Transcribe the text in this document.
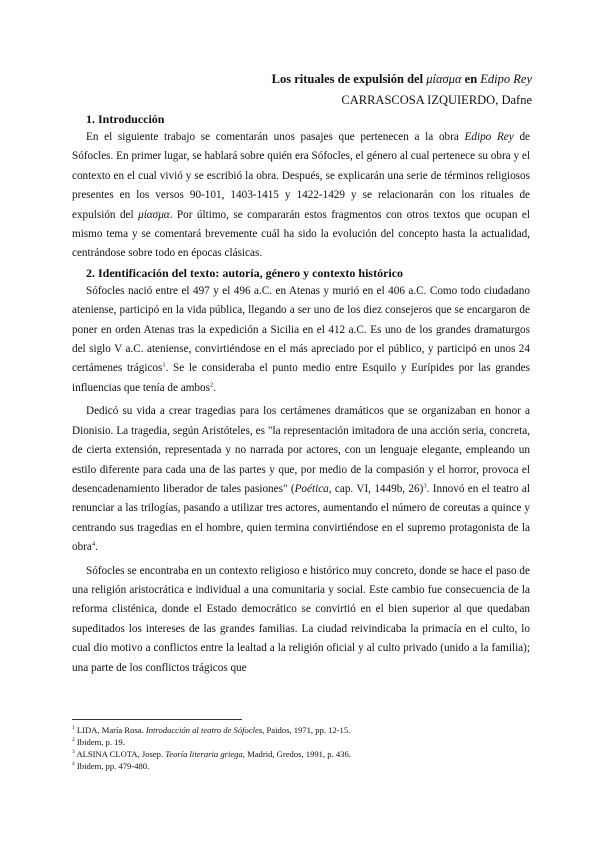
Los rituales de expulsión del μίασμα en Edipo Rey
CARRASCOSA IZQUIERDO, Dafne
1. Introducción

En el siguiente trabajo se comentarán unos pasajes que pertenecen a la obra Edipo Rey de Sófocles. En primer lugar, se hablará sobre quién era Sófocles, el género al cual pertenece su obra y el contexto en el cual vivió y se escribió la obra. Después, se explicarán una serie de términos religiosos presentes en los versos 90-101, 1403-1415 y 1422-1429 y se relacionarán con los rituales de expulsión del μίασμα. Por último, se compararán estos fragmentos con otros textos que ocupan el mismo tema y se comentará brevemente cuál ha sido la evolución del concepto hasta la actualidad, centrándose sobre todo en épocas clásicas.

2. Identificación del texto: autoría, género y contexto histórico

Sófocles nació entre el 497 y el 496 a.C. en Atenas y murió en el 406 a.C. Como todo ciudadano ateniense, participó en la vida pública, llegando a ser uno de los diez consejeros que se encargaron de poner en orden Atenas tras la expedición a Sicilia en el 412 a.C. Es uno de los grandes dramaturgos del siglo V a.C. ateniense, convirtiéndose en el más apreciado por el público, y participó en unos 24 certámenes trágicos$^1$. Se le consideraba el punto medio entre Esquilo y Eurípides por las grandes influencias que tenía de ambos$^2$.

Dedicó su vida a crear tragedias para los certámenes dramáticos que se organizaban en honor a Dionisio. La tragedia, según Aristóteles, es "la representación imitadora de una acción seria, concreta, de cierta extensión, representada y no narrada por actores, con un lenguaje elegante, empleando un estilo diferente para cada una de las partes y que, por medio de la compasión y el horror, provoca el desencadenamiento liberador de tales pasiones" (Poética, cap. VI, 1449b, 26)$^3$. Innovó en el teatro al renunciar a las trilogías, pasando a utilizar tres actores, aumentando el número de coreutas a quince y centrando sus tragedias en el hombre, quien termina convirtiéndose en el supremo protagonista de la obra$^4$.

Sófocles se encontraba en un contexto religioso e histórico muy concreto, donde se hace el paso de una religión aristocrática e individual a una comunitaria y social. Este cambio fue consecuencia de la reforma clisténica, donde el Estado democrático se convirtió en el bien superior al que quedaban supeditados los intereses de las grandes familias. La ciudad reivindicaba la primacía en el culto, lo cual dio motivo a conflictos entre la lealtad a la religión oficial y al culto privado (unido a la familia); una parte de los conflictos trágicos que

$^1$ LIDA, María Rosa. Introducción al teatro de Sófocles, Paidos, 1971, pp. 12-15.
$^2$ Ibidem, p. 19.
$^3$ ALSINA CLOTA, Josep. Teoría literaria griega, Madrid, Gredos, 1991, p. 436.
$^4$ Ibidem, pp. 479-480.
